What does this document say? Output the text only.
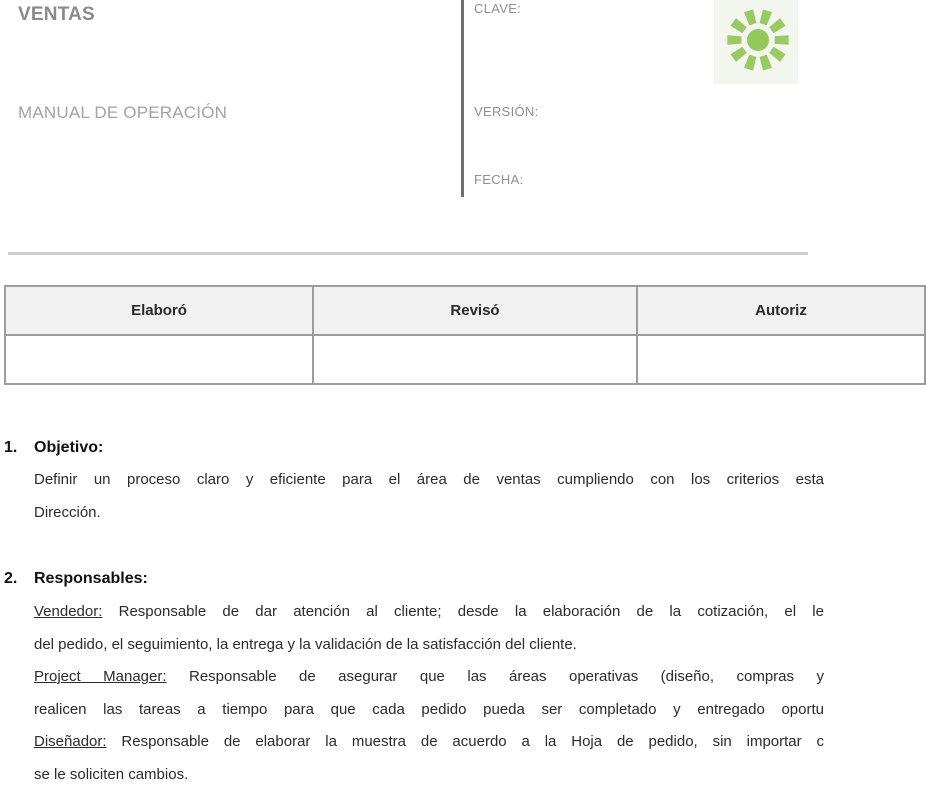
VENTAS
MANUAL DE OPERACIÓN
CLAVE:
VERSIÓN:
FECHA:
Elaboró	Revisó	Autoriz

1. Objetivo:
Definir un proceso claro y eficiente para el área de ventas cumpliendo con los criterios esta
Dirección.
2. Responsables:
Vendedor: Responsable de dar atención al cliente; desde la elaboración de la cotización, el le
del pedido, el seguimiento, la entrega y la validación de la satisfacción del cliente.
Project Manager: Responsable de asegurar que las áreas operativas (diseño, compras y
realicen las tareas a tiempo para que cada pedido pueda ser completado y entregado oportu
Diseñador: Responsable de elaborar la muestra de acuerdo a la Hoja de pedido, sin importar c
se le soliciten cambios.
